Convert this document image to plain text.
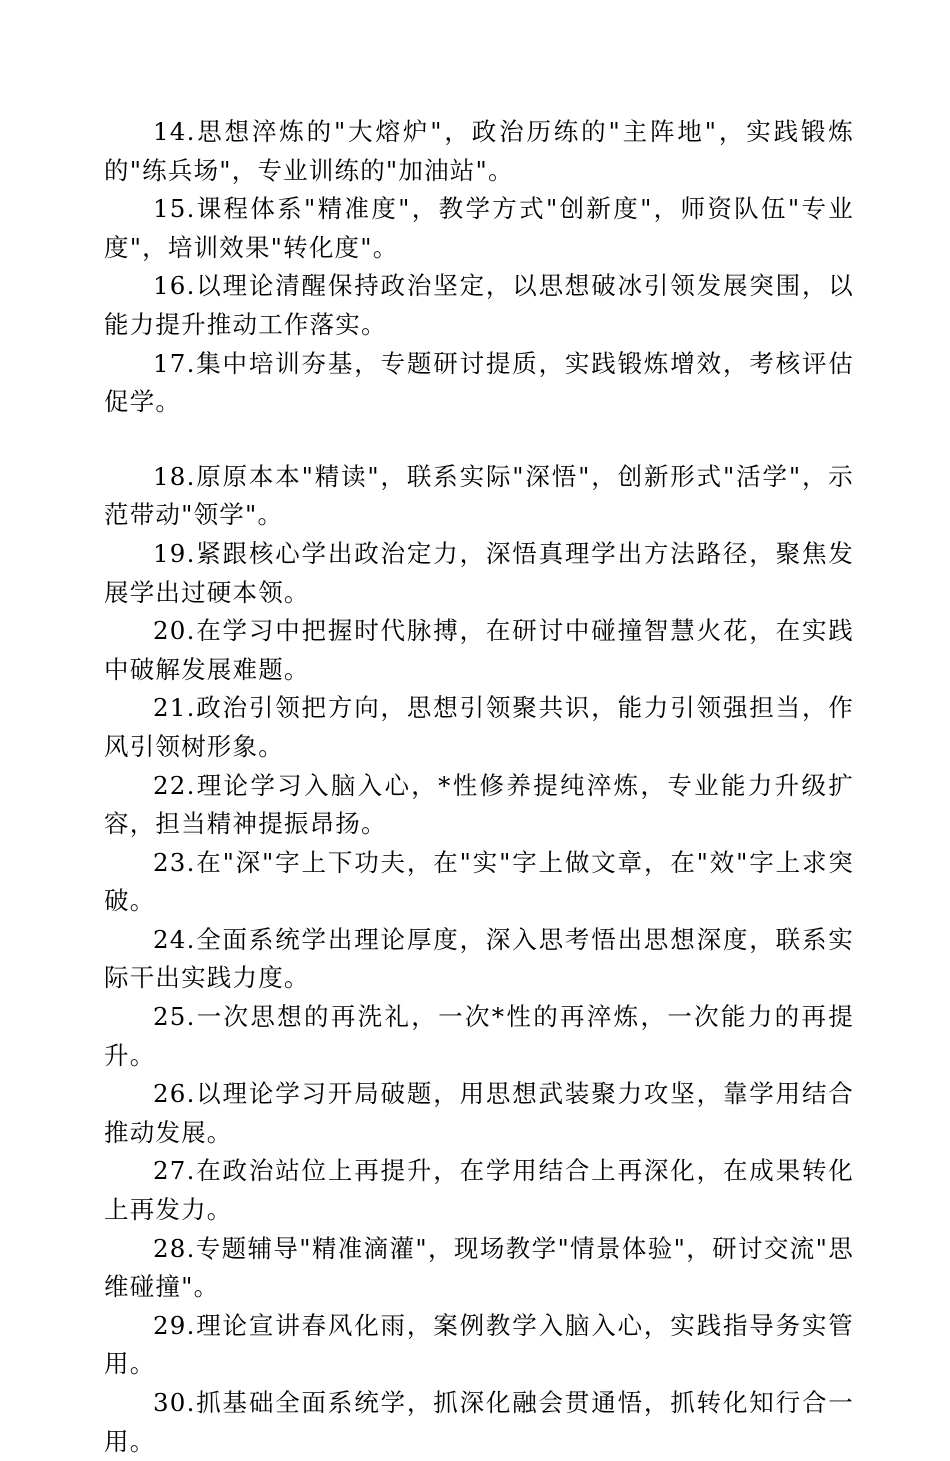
14.思想淬炼的"大熔炉"，政治历练的"主阵地"，实践锻炼的"练兵场"，专业训练的"加油站"。

15.课程体系"精准度"，教学方式"创新度"，师资队伍"专业度"，培训效果"转化度"。

16.以理论清醒保持政治坚定，以思想破冰引领发展突围，以能力提升推动工作落实。

17.集中培训夯基，专题研讨提质，实践锻炼增效，考核评估促学。

18.原原本本"精读"，联系实际"深悟"，创新形式"活学"，示范带动"领学"。

19.紧跟核心学出政治定力，深悟真理学出方法路径，聚焦发展学出过硬本领。

20.在学习中把握时代脉搏，在研讨中碰撞智慧火花，在实践中破解发展难题。

21.政治引领把方向，思想引领聚共识，能力引领强担当，作风引领树形象。

22.理论学习入脑入心，*性修养提纯淬炼，专业能力升级扩容，担当精神提振昂扬。

23.在"深"字上下功夫，在"实"字上做文章，在"效"字上求突破。

24.全面系统学出理论厚度，深入思考悟出思想深度，联系实际干出实践力度。

25.一次思想的再洗礼，一次*性的再淬炼，一次能力的再提升。

26.以理论学习开局破题，用思想武装聚力攻坚，靠学用结合推动发展。

27.在政治站位上再提升，在学用结合上再深化，在成果转化上再发力。

28.专题辅导"精准滴灌"，现场教学"情景体验"，研讨交流"思维碰撞"。

29.理论宣讲春风化雨，案例教学入脑入心，实践指导务实管用。

30.抓基础全面系统学，抓深化融会贯通悟，抓转化知行合一用。
